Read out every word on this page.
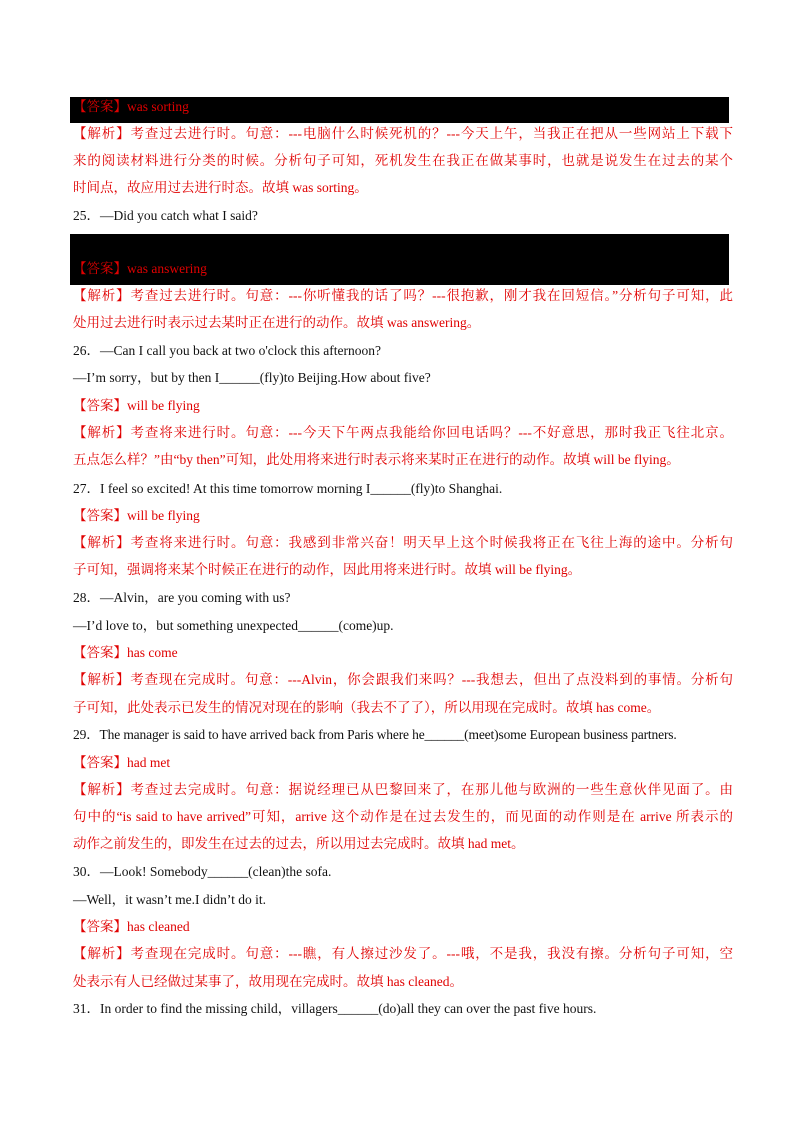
【答案】was sorting
【解析】考查过去进行时。句意：---电脑什么时候死机的？---今天上午，当我正在把从一些网站上下载下
来的阅读材料进行分类的时候。分析句子可知，死机发生在我正在做某事时，也就是说发生在过去的某个
时间点，故应用过去进行时态。故填 was sorting。
25．—Did you catch what I said?
【答案】was answering
【解析】考查过去进行时。句意：---你听懂我的话了吗？---很抱歉，刚才我在回短信。”分析句子可知，此
处用过去进行时表示过去某时正在进行的动作。故填 was answering。
26．—Can I call you back at two o'clock this afternoon?
—I’m sorry，but by then I______(fly)to Beijing.How about five?
【答案】will be flying
【解析】考查将来进行时。句意：---今天下午两点我能给你回电话吗？---不好意思，那时我正飞往北京。
五点怎么样？”由“by then”可知，此处用将来进行时表示将来某时正在进行的动作。故填 will be flying。
27．I feel so excited! At this time tomorrow morning I______(fly)to Shanghai.
【答案】will be flying
【解析】考查将来进行时。句意：我感到非常兴奋！明天早上这个时候我将正在飞往上海的途中。分析句
子可知，强调将来某个时候正在进行的动作，因此用将来进行时。故填 will be flying。
28．—Alvin，are you coming with us?
—I’d love to，but something unexpected______(come)up.
【答案】has come
【解析】考查现在完成时。句意：---Alvin，你会跟我们来吗？---我想去，但出了点没料到的事情。分析句
子可知，此处表示已发生的情况对现在的影响（我去不了了），所以用现在完成时。故填 has come。
29．The manager is said to have arrived back from Paris where he______(meet)some European business partners.
【答案】had met
【解析】考查过去完成时。句意：据说经理已从巴黎回来了，在那儿他与欧洲的一些生意伙伴见面了。由
句中的“is said to have arrived”可知，arrive 这个动作是在过去发生的，而见面的动作则是在 arrive 所表示的
动作之前发生的，即发生在过去的过去，所以用过去完成时。故填 had met。
30．—Look! Somebody______(clean)the sofa.
—Well，it wasn’t me.I didn’t do it.
【答案】has cleaned
【解析】考查现在完成时。句意：---瞧，有人擦过沙发了。---哦，不是我，我没有擦。分析句子可知，空
处表示有人已经做过某事了，故用现在完成时。故填 has cleaned。
31．In order to find the missing child，villagers______(do)all they can over the past five hours.
